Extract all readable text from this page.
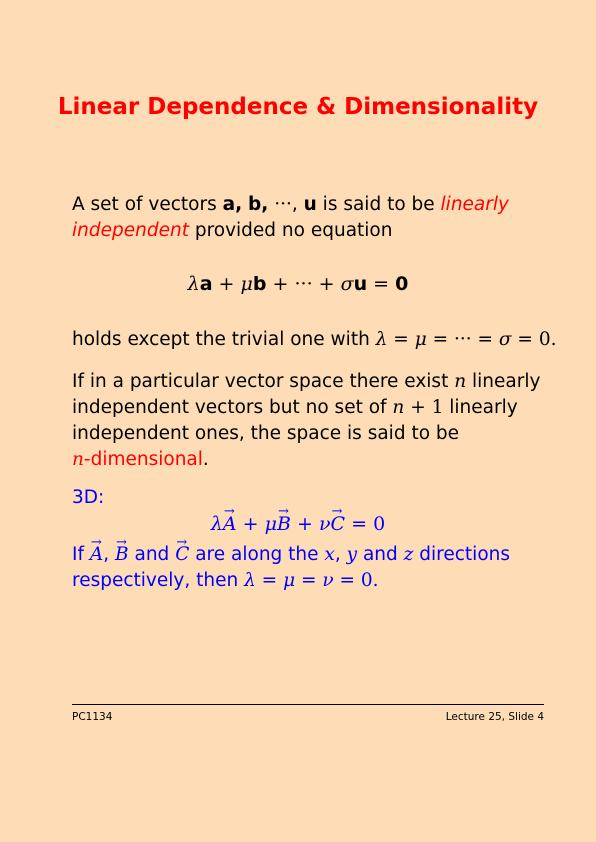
Linear Dependence & Dimensionality
A set of vectors a, b, ···, u is said to be linearly
independent provided no equation
λa + μb + ··· + σu = 0
holds except the trivial one with λ = μ = ··· = σ = 0.
If in a particular vector space there exist n linearly
independent vectors but no set of n + 1 linearly
independent ones, the space is said to be
n-dimensional.
3D:
λ→ A + μ→ B + ν→ C = 0
If → A, → B and → C are along the x, y and z directions
respectively, then λ = μ = ν = 0.
PC1134	Lecture 25, Slide 4
